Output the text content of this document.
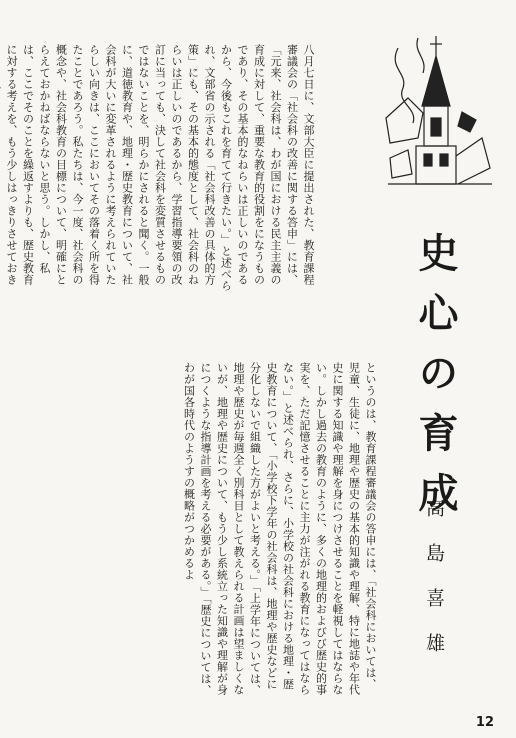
八月七日に、文部大臣に提出された、教育課程審議会の「社会科の改善に関する答申」には、「元来、社会科は、わが国における民主主義の育成に対して、重要な教育的役割をになうものであり、その基本的なねらいは正しいのであるから、今後もこれを育てて行きたい。」と述べられ、文部省の示される「社会科改善の具体的方策」にも、その基本的態度として、社会科のねらいは正しいのであるから、学習指導要領の改訂に当っても、決して社会科を変質させるものではないことを、明らかにされると聞く。一般に、道徳教育や、地理・歴史教育について、社会科が大いに変革されるように考えられていたらしい向きは、ここにおいてその落着く所を得たことであろう。私たちは、今一度、社会科の概念や、社会科教育の目標について、明確にとらえておかねばならないと思う。しかし、私は、ここでそのことを繰返すよりも、歴史教育に対する考えを、もう少しはっきりさせておき	史心の育成
高島喜雄
というのは、教育課程審議会の答申には、「社会科においては、児童、生徒に、地理や歴史の基本的知識や理解、特に地誌や年代史に関する知識や理解を身につけさせることを軽視してはならない。しかし過去の教育のように、多くの地理的およびび歴史的事実を、ただ記憶させることに主力が注がれる教育になってはならない。」と述べられ、さらに、小学校の社会科における地理・歴史教育について、「小学校下学年の社会科は、地理や歴史などに分化しないで組織した方がよいと考える。」「上学年については、地理や歴史が毎週全く別科目として教えられる計画は望ましくないが、地理や歴史について、もう少し系統立った知識や理解が身につくような指導計画を考える必要がある。」「歴史については、わが国各時代のようすの概略がつかめるよ
12
